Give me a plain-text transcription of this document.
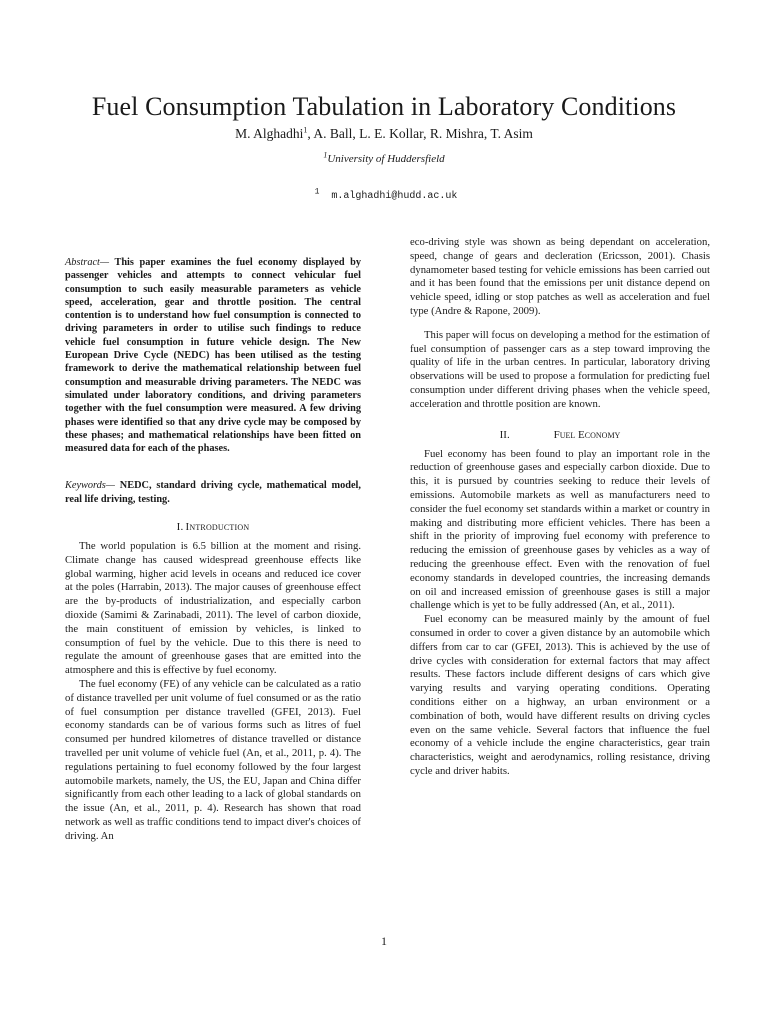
Fuel Consumption Tabulation in Laboratory Conditions
M. Alghadhi$^1$, A. Ball, L. E. Kollar, R. Mishra, T. Asim
$^1$University of Huddersfield
$^1$ m.alghadhi@hudd.ac.uk
Abstract— This paper examines the fuel economy displayed by passenger vehicles and attempts to connect vehicular fuel consumption to such easily measurable parameters as vehicle speed, acceleration, gear and throttle position. The central contention is to understand how fuel consumption is connected to driving parameters in order to utilise such findings to reduce vehicle fuel consumption in future vehicle design. The New European Drive Cycle (NEDC) has been utilised as the testing framework to derive the mathematical relationship between fuel consumption and measurable driving parameters. The NEDC was simulated under laboratory conditions, and driving parameters together with the fuel consumption were measured. A few driving phases were identified so that any drive cycle may be composed by these phases; and mathematical relationships have been fitted on measured data for each of the phases.
Keywords— NEDC, standard driving cycle, mathematical model, real life driving, testing.
I. Introduction

The world population is 6.5 billion at the moment and rising. Climate change has caused widespread greenhouse effects like global warming, higher acid levels in oceans and reduced ice cover at the poles (Harrabin, 2013). The major causes of greenhouse effect are the by-products of industrialization, and especially carbon dioxide (Samimi & Zarinabadi, 2011). The level of carbon dioxide, the main constituent of emission by vehicles, is linked to consumption of fuel by the vehicle. Due to this there is need to regulate the amount of greenhouse gases that are emitted into the atmosphere and this is effective by fuel economy.

The fuel economy (FE) of any vehicle can be calculated as a ratio of distance travelled per unit volume of fuel consumed or as the ratio of fuel consumption per distance travelled (GFEI, 2013). Fuel economy standards can be of various forms such as litres of fuel consumed per hundred kilometres of distance travelled or distance travelled per unit volume of vehicle fuel (An, et al., 2011, p. 4). The regulations pertaining to fuel economy followed by the four largest automobile markets, namely, the US, the EU, Japan and China differ significantly from each other leading to a lack of global standards on the issue (An, et al., 2011, p. 4). Research has shown that road network as well as traffic conditions tend to impact diver's choices of driving. An

eco-driving style was shown as being dependant on acceleration, speed, change of gears and decleration (Ericsson, 2001). Chasis dynamometer based testing for vehicle emissions has been carried out and it has been found that the emissions per unit distance depend on vehicle speed, idling or stop patches as well as acceleration and fuel type (Andre & Rapone, 2009).

This paper will focus on developing a method for the estimation of fuel consumption of passenger cars as a step toward improving the quality of life in the urban centres. In particular, laboratory driving observations will be used to propose a formulation for predicting fuel consumption under different driving phases when the vehicle speed, acceleration and throttle position are known.

II.	Fuel Economy

Fuel economy has been found to play an important role in the reduction of greenhouse gases and especially carbon dioxide. Due to this, it is pursued by countries seeking to reduce their levels of emissions. Automobile markets as well as manufacturers need to consider the fuel economy set standards within a market or country in making and distributing more efficient vehicles. There has been a shift in the priority of improving fuel economy with preference to reducing the emission of greenhouse gases by vehicles as a way of reducing the greenhouse effect. Even with the renovation of fuel economy standards in developed countries, the increasing demands on oil and increased emission of greenhouse gases is still a major challenge which is yet to be fully addressed (An, et al., 2011).

Fuel economy can be measured mainly by the amount of fuel consumed in order to cover a given distance by an automobile which differs from car to car (GFEI, 2013). This is achieved by the use of drive cycles with consideration for external factors that may affect results. These factors include different designs of cars which give varying results and varying operating conditions. Operating conditions either on a highway, an urban environment or a combination of both, would have different results on driving cycles even on the same vehicle. Several factors that influence the fuel economy of a vehicle include the engine characteristics, gear train characteristics, weight and aerodynamics, rolling resistance, driving cycle and driver habits.

1
